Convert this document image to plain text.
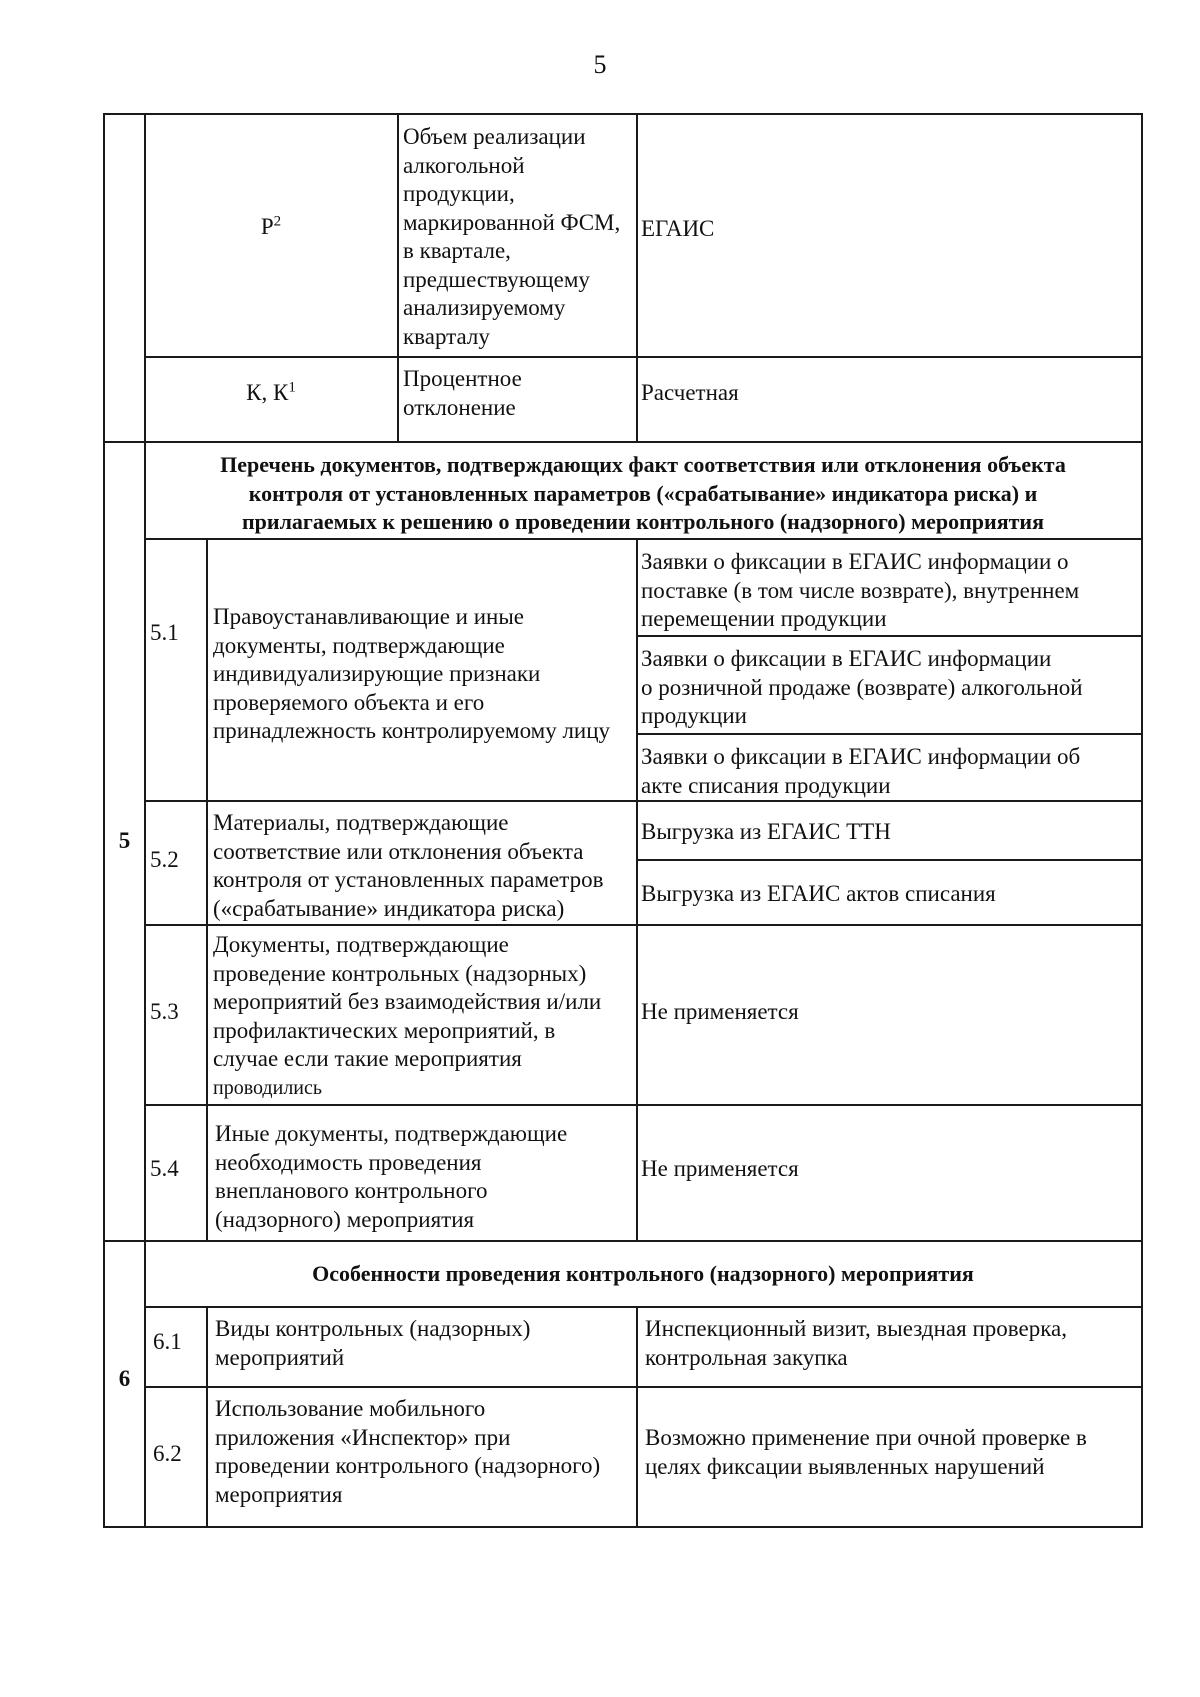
5
$P^2$
Объем реализации
алкогольной
продукции,
маркированной ФСМ,
в квартале,
предшествующему
анализируемому
кварталу
ЕГАИС
К, $К^1$	Процентное
отклонение
Расчетная
5
Перечень документов, подтверждающих факт соответствия или отклонения объекта
контроля от установленных параметров («срабатывание» индикатора риска) и
прилагаемых к решению о проведении контрольного (надзорного) мероприятия
5.1
Правоустанавливающие и иные
документы, подтверждающие
индивидуализирующие признаки
проверяемого объекта и его
принадлежность контролируемому лицу
Заявки о фиксации в ЕГАИС информации о
поставке (в том числе возврате), внутреннем
перемещении продукции
Заявки о фиксации в ЕГАИС информации
о розничной продаже (возврате) алкогольной
продукции
Заявки о фиксации в ЕГАИС информации об
акте списания продукции
5.2
Материалы, подтверждающие
соответствие или отклонения объекта
контроля от установленных параметров
(«срабатывание» индикатора риска)
Выгрузка из ЕГАИС ТТН
Выгрузка из ЕГАИС актов списания
5.3
Документы, подтверждающие
проведение контрольных (надзорных)
мероприятий без взаимодействия и/или
профилактических мероприятий, в
случае если такие мероприятия
проводились
Не применяется
5.4
Иные документы, подтверждающие
необходимость проведения
внепланового контрольного
(надзорного) мероприятия
Не применяется
6
Особенности проведения контрольного (надзорного) мероприятия
6.1
Виды контрольных (надзорных)
мероприятий
Инспекционный визит, выездная проверка,
контрольная закупка
6.2
Использование мобильного
приложения «Инспектор» при
проведении контрольного (надзорного)
мероприятия
Возможно применение при очной проверке в
целях фиксации выявленных нарушений
